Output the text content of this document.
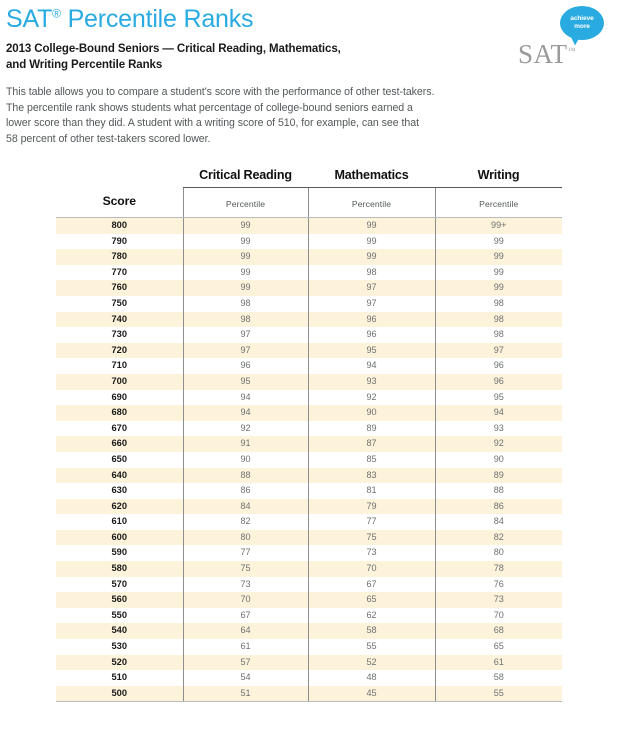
SAT® Percentile Ranks
2013 College-Bound Seniors — Critical Reading, Mathematics,
and Writing Percentile Ranks
This table allows you to compare a student's score with the performance of other test-takers.
The percentile rank shows students what percentage of college-bound seniors earned a
lower score than they did. A student with a writing score of 510, for example, can see that
58 percent of other test-takers scored lower.
achieve
more
SAT™
	Critical Reading	Mathematics	Writing
Score	Percentile	Percentile	Percentile
800	99	99	99+
790	99	99	99
780	99	99	99
770	99	98	99
760	99	97	99
750	98	97	98
740	98	96	98
730	97	96	98
720	97	95	97
710	96	94	96
700	95	93	96
690	94	92	95
680	94	90	94
670	92	89	93
660	91	87	92
650	90	85	90
640	88	83	89
630	86	81	88
620	84	79	86
610	82	77	84
600	80	75	82
590	77	73	80
580	75	70	78
570	73	67	76
560	70	65	73
550	67	62	70
540	64	58	68
530	61	55	65
520	57	52	61
510	54	48	58
500	51	45	55
